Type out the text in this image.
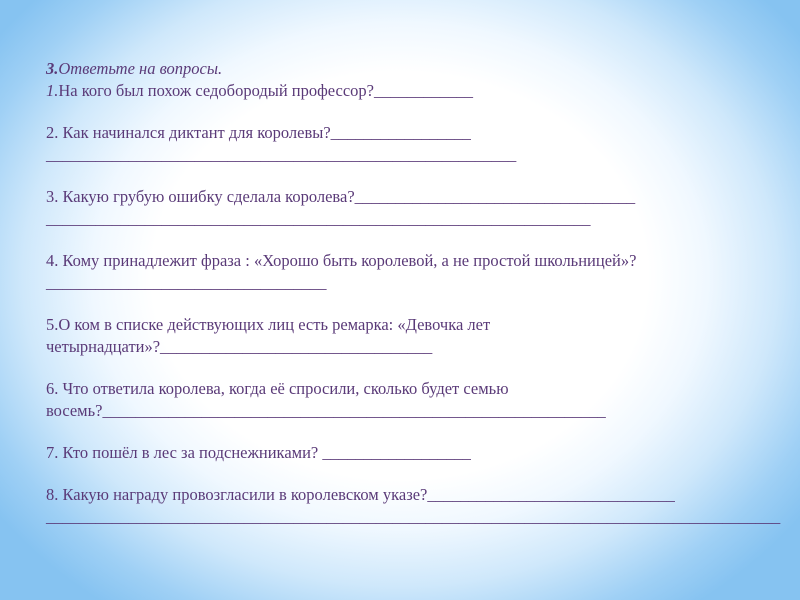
3.Ответьте на вопросы.
1.На кого был похож седобородый профессор?____________
2. Как начинался диктант для королевы?_________________
_________________________________________________________
3. Какую грубую ошибку сделала королева?__________________________________
__________________________________________________________________
4. Кому принадлежит фраза : «Хорошо быть королевой, а не простой школьницей»?
__________________________________
5.О ком в списке действующих лиц есть ремарка: «Девочка лет
четырнадцати»?_________________________________
6. Что ответила королева, когда её спросили, сколько будет семью
восемь?_____________________________________________________________
7. Кто пошёл в лес за подснежниками? __________________
8. Какую награду провозгласили в королевском указе?______________________________
_________________________________________________________________________________________
